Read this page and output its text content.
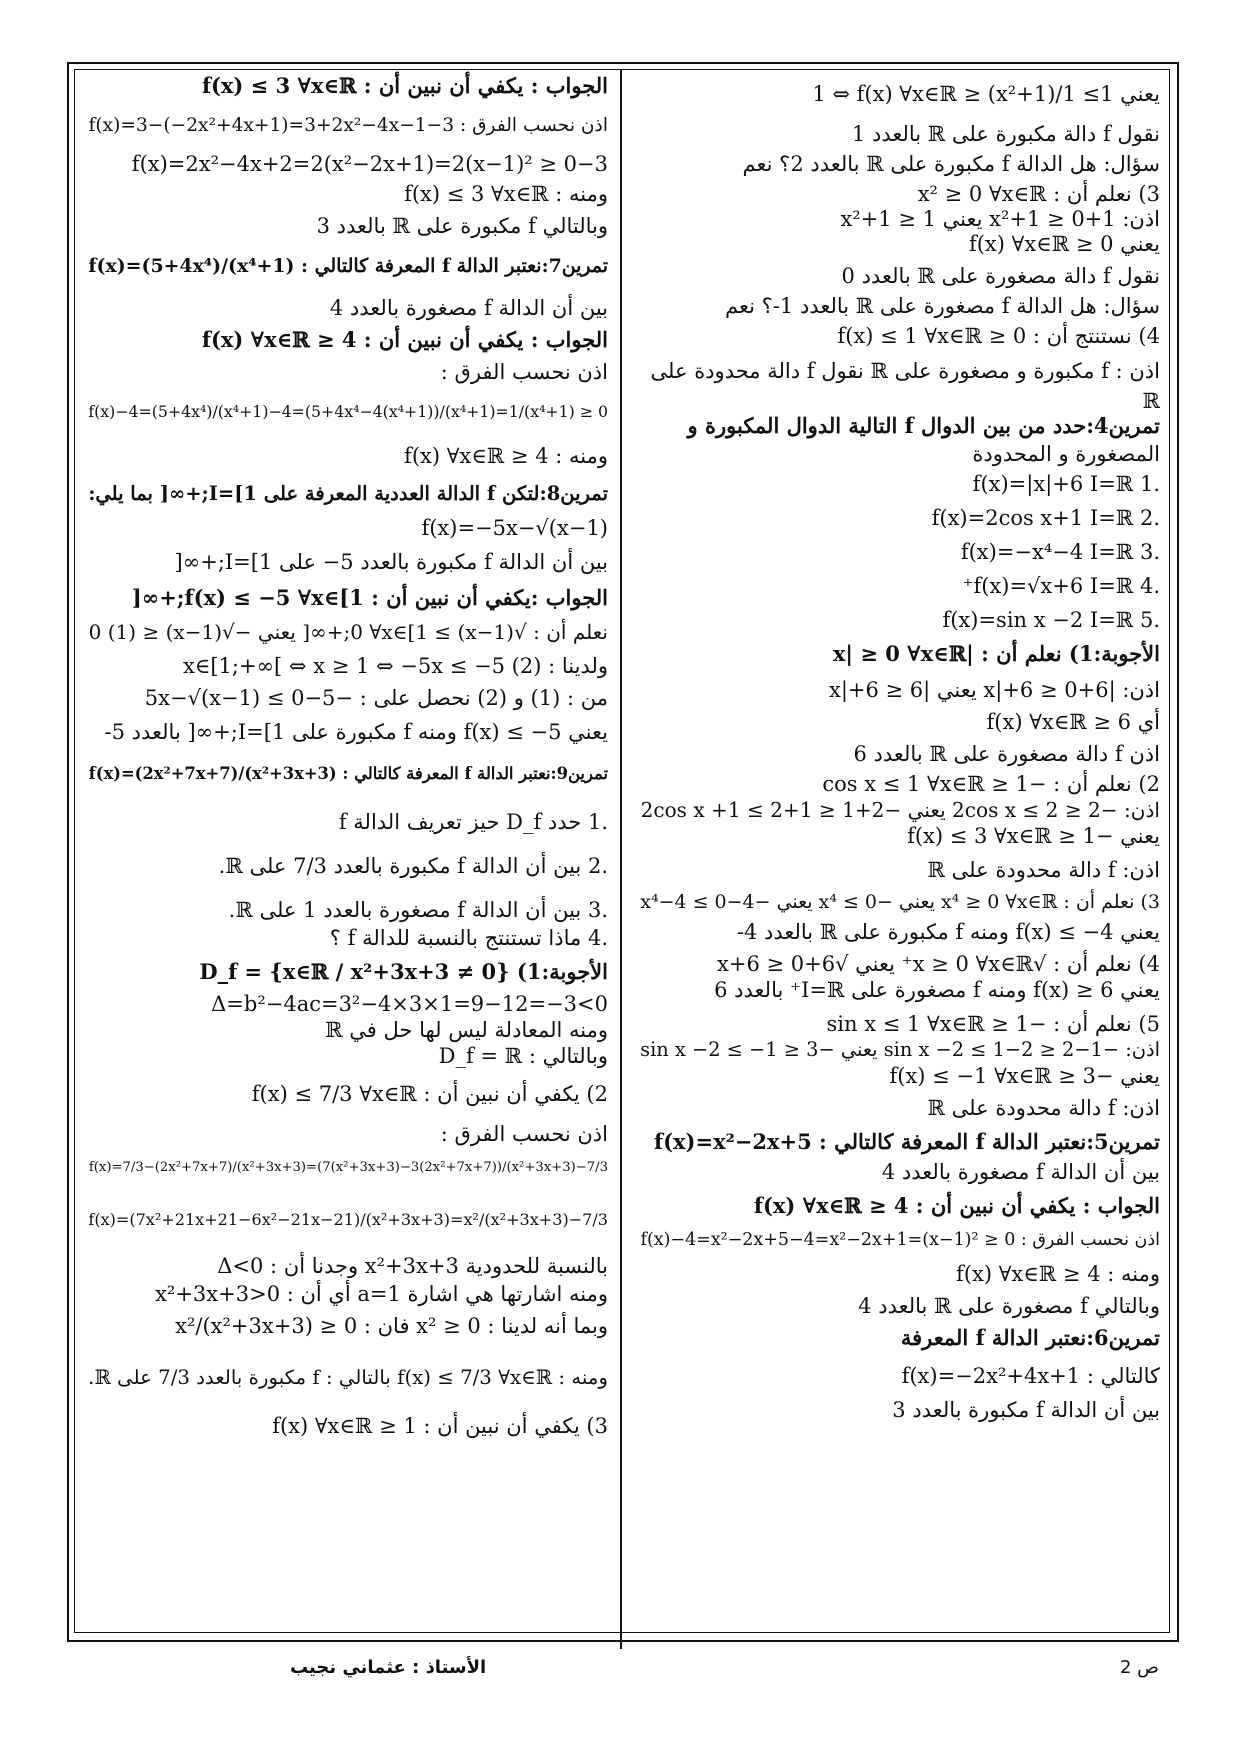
يعني 1≥ 1/(x²+1) ≤ 1 ⇔ f(x) ∀x∈ℝ
نقول f دالة مكبورة على ℝ بالعدد 1
سؤال: هل الدالة f مكبورة على ℝ بالعدد 2؟ نعم
3) نعلم أن : x² ≥ 0 ∀x∈ℝ
اذن: x²+1 ≥ 0+1 يعني x²+1 ≥ 1
يعني 0 ≤ f(x) ∀x∈ℝ
نقول f دالة مصغورة على ℝ بالعدد 0
سؤال: هل الدالة f مصغورة على ℝ بالعدد 1-؟ نعم
4) نستنتج أن : 0 ≤ f(x) ≤ 1 ∀x∈ℝ
اذن : f مكبورة و مصغورة على ℝ نقول f دالة محدودة على
ℝ
تمرين4:حدد من بين الدوال f التالية الدوال المكبورة و
المصغورة و المحدودة
.1 f(x)=|x|+6 I=ℝ
.2 f(x)=2cos x+1 I=ℝ
.3 f(x)=−x⁴−4 I=ℝ
.4 f(x)=√x+6 I=ℝ⁺
.5 f(x)=sin x −2 I=ℝ
الأجوبة:1) نعلم أن : |x| ≥ 0 ∀x∈ℝ
اذن: |x|+6 ≥ 0+6 يعني |x|+6 ≥ 6
أي 6 ≤ f(x) ∀x∈ℝ
اذن f دالة مصغورة على ℝ بالعدد 6
2) نعلم أن : −1 ≤ cos x ≤ 1 ∀x∈ℝ
اذن: −2 ≤ 2cos x ≤ 2 يعني −2+1 ≤ 2cos x +1 ≤ 2+1
يعني −1 ≤ f(x) ≤ 3 ∀x∈ℝ
اذن: f دالة محدودة على ℝ
3) نعلم أن : x⁴ ≥ 0 ∀x∈ℝ يعني −x⁴ ≤ 0 يعني −x⁴−4 ≤ 0−4
يعني f(x) ≤ −4 ومنه f مكبورة على ℝ بالعدد 4-
4) نعلم أن : √x ≥ 0 ∀x∈ℝ⁺ يعني √x+6 ≥ 0+6
يعني 6 ≤ f(x) ومنه f مصغورة على I=ℝ⁺ بالعدد 6
5) نعلم أن : −1 ≤ sin x ≤ 1 ∀x∈ℝ
اذن: −1−2 ≤ sin x −2 ≤ 1−2 يعني −3 ≤ sin x −2 ≤ −1
يعني −3 ≤ f(x) ≤ −1 ∀x∈ℝ
اذن: f دالة محدودة على ℝ
تمرين5:نعتبر الدالة f المعرفة كالتالي : f(x)=x²−2x+5
بين أن الدالة f مصغورة بالعدد 4
الجواب : يكفي أن نبين أن : 4 ≤ f(x) ∀x∈ℝ
اذن نحسب الفرق : f(x)−4=x²−2x+5−4=x²−2x+1=(x−1)² ≥ 0
ومنه : 4 ≤ f(x) ∀x∈ℝ
وبالتالي f مصغورة على ℝ بالعدد 4
تمرين6:نعتبر الدالة f المعرفة
كالتالي : f(x)=−2x²+4x+1
بين أن الدالة f مكبورة بالعدد 3
الجواب : يكفي أن نبين أن : f(x) ≤ 3 ∀x∈ℝ
اذن نحسب الفرق : 3−f(x)=3−(−2x²+4x+1)=3+2x²−4x−1
3−f(x)=2x²−4x+2=2(x²−2x+1)=2(x−1)² ≥ 0
ومنه : f(x) ≤ 3 ∀x∈ℝ
وبالتالي f مكبورة على ℝ بالعدد 3
تمرين7:نعتبر الدالة f المعرفة كالتالي : f(x)=(5+4x⁴)/(x⁴+1)
بين أن الدالة f مصغورة بالعدد 4
الجواب : يكفي أن نبين أن : 4 ≤ f(x) ∀x∈ℝ
اذن نحسب الفرق :
f(x)−4=(5+4x⁴)/(x⁴+1)−4=(5+4x⁴−4(x⁴+1))/(x⁴+1)=1/(x⁴+1) ≥ 0
ومنه : 4 ≤ f(x) ∀x∈ℝ
تمرين8:لتكن f الدالة العددية المعرفة على I=[1;+∞[ بما يلي:
f(x)=−5x−√(x−1)
بين أن الدالة f مكبورة بالعدد 5− على I=[1;+∞[
الجواب :يكفي أن نبين أن : f(x) ≤ −5 ∀x∈[1;+∞[
نعلم أن : √(x−1) ≥ 0 ∀x∈[1;+∞[ يعني −√(x−1) ≤ 0 (1)
ولدينا : x∈[1;+∞[ ⇔ x ≥ 1 ⇔ −5x ≤ −5 (2)
من : (1) و (2) نحصل على : −5x−√(x−1) ≤ 0−5
يعني f(x) ≤ −5 ومنه f مكبورة على I=[1;+∞[ بالعدد 5-
تمرين9:نعتبر الدالة f المعرفة كالتالي : f(x)=(2x²+7x+7)/(x²+3x+3)
.1 حدد D_f حيز تعريف الدالة f
.2 بين أن الدالة f مكبورة بالعدد 7/3 على ℝ.
.3 بين أن الدالة f مصغورة بالعدد 1 على ℝ.
.4 ماذا تستنتج بالنسبة للدالة f ؟
الأجوبة:1) D_f = {x∈ℝ / x²+3x+3 ≠ 0}
Δ=b²−4ac=3²−4×3×1=9−12=−3<0
ومنه المعادلة ليس لها حل في ℝ
وبالتالي : D_f = ℝ
2) يكفي أن نبين أن : f(x) ≤ 7/3 ∀x∈ℝ
اذن نحسب الفرق :
7/3−f(x)=7/3−(2x²+7x+7)/(x²+3x+3)=(7(x²+3x+3)−3(2x²+7x+7))/(x²+3x+3)
7/3−f(x)=(7x²+21x+21−6x²−21x−21)/(x²+3x+3)=x²/(x²+3x+3)
بالنسبة للحدودية x²+3x+3 وجدنا أن : Δ<0
ومنه اشارتها هي اشارة a=1 أي أن : x²+3x+3>0
وبما أنه لدينا : x² ≥ 0 فان : x²/(x²+3x+3) ≥ 0
ومنه : f(x) ≤ 7/3 ∀x∈ℝ بالتالي : f مكبورة بالعدد 7/3 على ℝ.
3) يكفي أن نبين أن : 1 ≤ f(x) ∀x∈ℝ
الأستاذ : عثماني نجيب	ص 2
